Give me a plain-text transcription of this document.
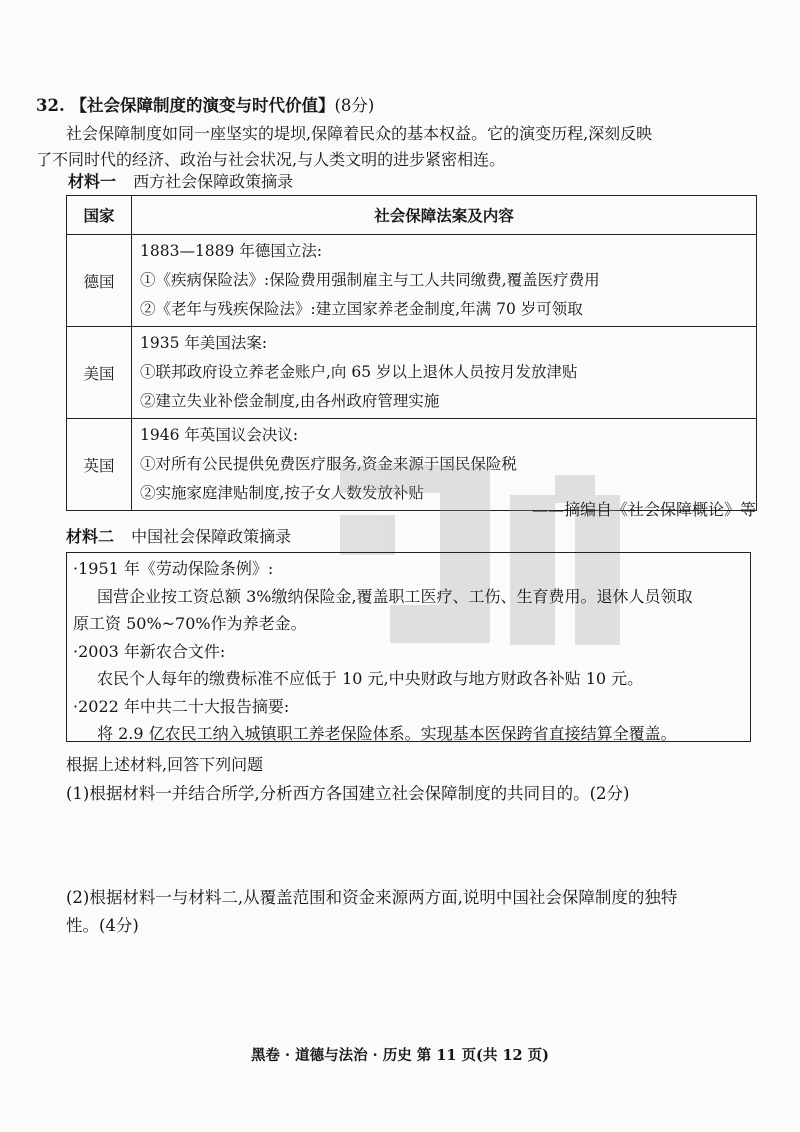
32. 【社会保障制度的演变与时代价值】(8分)

社会保障制度如同一座坚实的堤坝,保障着民众的基本权益。它的演变历程,深刻反映

了不同时代的经济、政治与社会状况,与人类文明的进步紧密相连。

材料一 西方社会保障政策摘录
国家	社会保障法案及内容
德国	1883—1889 年德国立法:
①《疾病保险法》:保险费用强制雇主与工人共同缴费,覆盖医疗费用
②《老年与残疾保险法》:建立国家养老金制度,年满 70 岁可领取

美国	1935 年美国法案:
①联邦政府设立养老金账户,向 65 岁以上退休人员按月发放津贴
②建立失业补偿金制度,由各州政府管理实施

英国	1946 年英国议会决议:
①对所有公民提供免费医疗服务,资金来源于国民保险税
②实施家庭津贴制度,按子女人数发放补贴
——摘编自《社会保障概论》等
材料二 中国社会保障政策摘录

·1951 年《劳动保险条例》:

国营企业按工资总额 3%缴纳保险金,覆盖职工医疗、工伤、生育费用。退休人员领取

原工资 50%~70%作为养老金。

·2003 年新农合文件:

农民个人每年的缴费标准不应低于 10 元,中央财政与地方财政各补贴 10 元。

·2022 年中共二十大报告摘要:

将 2.9 亿农民工纳入城镇职工养老保险体系。实现基本医保跨省直接结算全覆盖。

根据上述材料,回答下列问题
(1)根据材料一并结合所学,分析西方各国建立社会保障制度的共同目的。(2分)
(2)根据材料一与材料二,从覆盖范围和资金来源两方面,说明中国社会保障制度的独特
性。(4分)
黑卷 · 道德与法治 · 历史 第 11 页(共 12 页)
